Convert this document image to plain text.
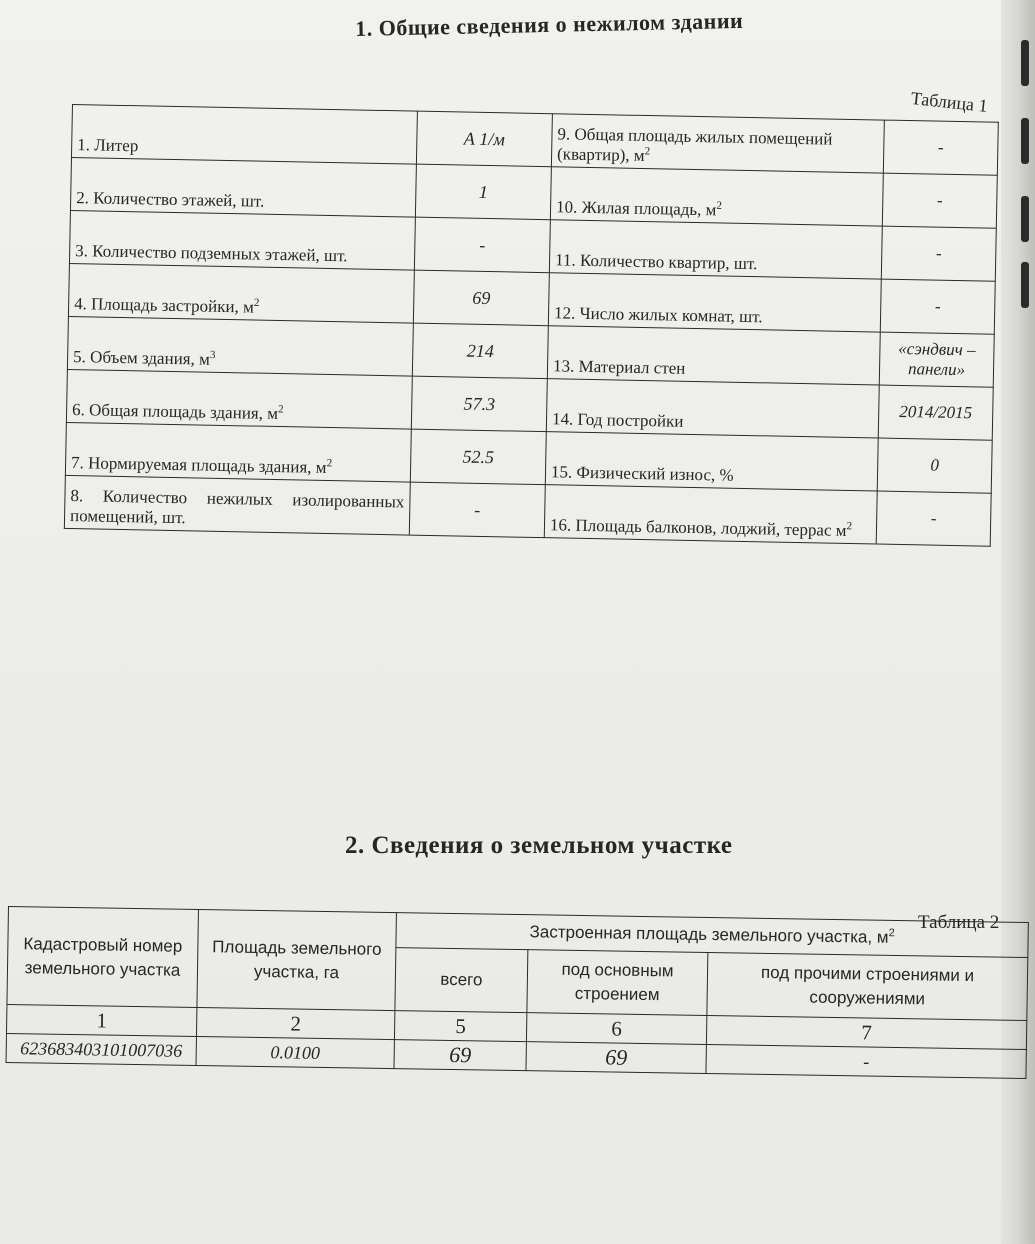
1. Общие сведения о нежилом здании
Таблица 1
1. Литер	А 1/м	9. Общая площадь жилых помещений (квартир), $м^2$	-
2. Количество этажей, шт.	1	10. Жилая площадь, $м^2$	-
3. Количество подземных этажей, шт.	-	11. Количество квартир, шт.	-
4. Площадь застройки, $м^2$	69	12. Число жилых комнат, шт.	-
5. Объем здания, $м^3$	214	13. Материал стен	«сэндвич – панели»
6. Общая площадь здания, $м^2$	57.3	14. Год постройки	2014/2015
7. Нормируемая площадь здания, $м^2$	52.5	15. Физический износ, %	0
8. Количество нежилых изолированных помещений, шт.	-	16. Площадь балконов, лоджий, террас $м^2$	-
2. Сведения о земельном участке
Таблица 2
Кадастровый номер земельного участка	Площадь земельного участка, га	Застроенная площадь земельного участка, $м^2$
		всего	под основным строением	под прочими строениями и сооружениями
1	2	5	6	7
623683403101007036	0.0100	69	69	-
